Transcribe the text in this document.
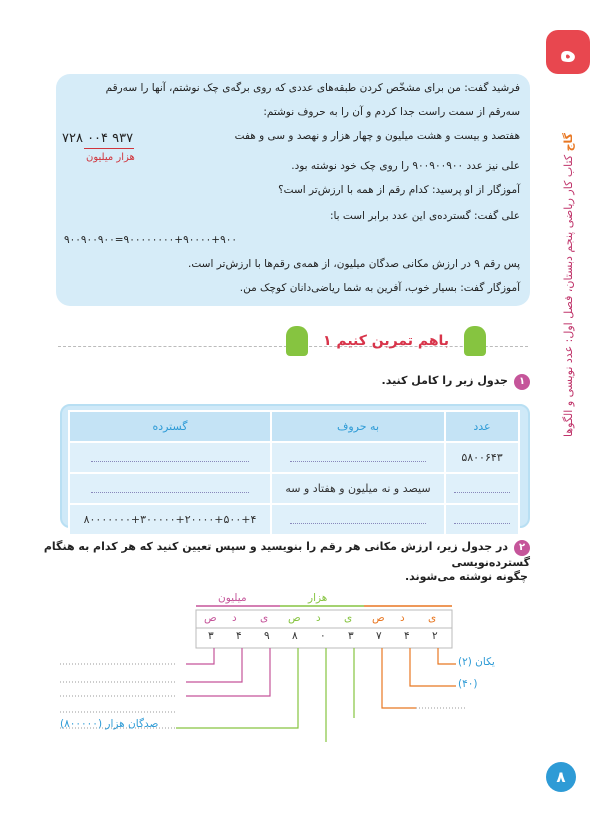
ه
گاج کتاب کار ریاضی پنجم دبستان، فصل اول: عدد نویسی و الگوها
۸
فرشید گفت: من برای مشخّص کردن طبقه‌های عددی که روی برگه‌ی چک نوشتم، آنها را سه‌رقم
سه‌رقم از سمت راست جدا کردم و آن را به حروف نوشتم:
هفتصد و بیست و هشت میلیون و چهار هزار و نهصد و سی و هفت
علی نیز عدد ۹۰۰۹۰۰۹۰۰ را روی چک خود نوشته بود.
آموزگار از او پرسید: کدام رقم از همه با ارزش‌تر است؟
علی گفت: گسترده‌ی این عدد برابر است با:
۹۰۰۹۰۰۹۰۰=۹۰۰۰۰۰۰۰۰+۹۰۰۰۰+۹۰۰
پس رقم ۹ در ارزش مکانی صدگان میلیون، از همه‌ی رقم‌ها با ارزش‌تر است.
آموزگار گفت: بسیار خوب، آفرین به شما ریاضی‌دانان کوچک من.
۷۲۸ ۰۰۴ ۹۳۷
هزار میلیون
باهم تمرین کنیم ۱
۱جدول زیر را کامل کنید.
عدد	به حروف	گسترده
۵۸۰۰۶۴۳		
	سیصد و نه میلیون و هفتاد و سه	
		۸۰۰۰۰۰۰۰+۳۰۰۰۰۰+۲۰۰۰۰+۵۰۰+۴
۲در جدول زیر، ارزش مکانی هر رقم را بنویسید و سپس تعیین کنید که هر کدام به هنگام گسترده‌نویسی
چگونه نوشته می‌شوند.
میلیون	هزار
ص د ی ص د ی ص د ی
۳ ۴ ۹ ۸ ۰ ۳ ۷ ۴ ۲
یکان (۲)
(۴۰)
صدگان هزار (۸۰۰۰۰۰)
